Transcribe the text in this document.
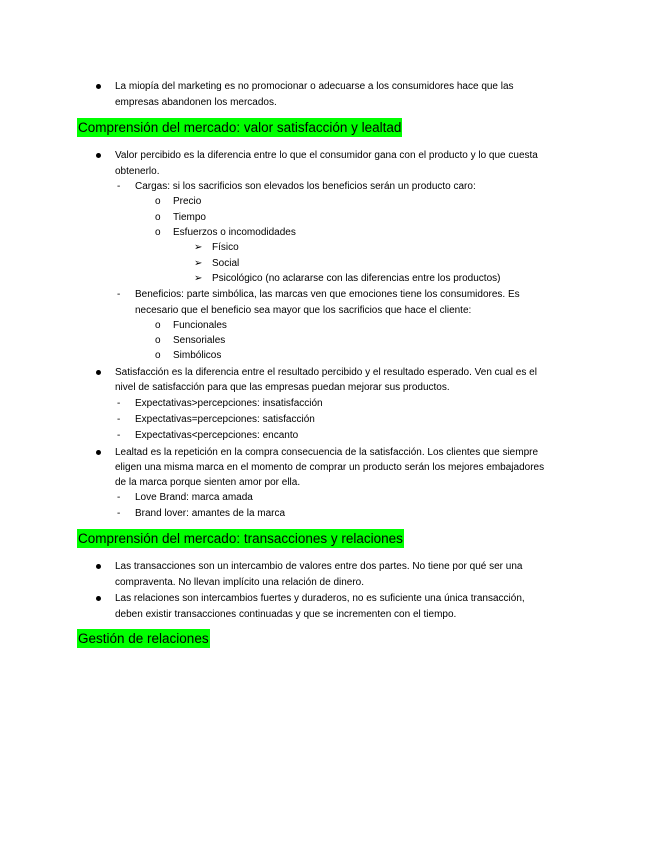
La miopía del marketing es no promocionar o adecuarse a los consumidores hace que las
empresas abandonen los mercados.
Comprensión del mercado: valor satisfacción y lealtad
Valor percibido es la diferencia entre lo que el consumidor gana con el producto y lo que cuesta
obtenerlo.
- Cargas: si los sacrificios son elevados los beneficios serán un producto caro:
o Precio
o Tiempo
o Esfuerzos o incomodidades
➢ Físico
➢ Social
➢ Psicológico (no aclararse con las diferencias entre los productos)
- Beneficios: parte simbólica, las marcas ven que emociones tiene los consumidores. Es
necesario que el beneficio sea mayor que los sacrificios que hace el cliente:
o Funcionales
o Sensoriales
o Simbólicos
Satisfacción es la diferencia entre el resultado percibido y el resultado esperado. Ven cual es el
nivel de satisfacción para que las empresas puedan mejorar sus productos.
- Expectativas>percepciones: insatisfacción
- Expectativas=percepciones: satisfacción
- Expectativas<percepciones: encanto
Lealtad es la repetición en la compra consecuencia de la satisfacción. Los clientes que siempre
eligen una misma marca en el momento de comprar un producto serán los mejores embajadores
de la marca porque sienten amor por ella.
- Love Brand: marca amada
- Brand lover: amantes de la marca
Comprensión del mercado: transacciones y relaciones
Las transacciones son un intercambio de valores entre dos partes. No tiene por qué ser una
compraventa. No llevan implícito una relación de dinero.
Las relaciones son intercambios fuertes y duraderos, no es suficiente una única transacción,
deben existir transacciones continuadas y que se incrementen con el tiempo.
Gestión de relaciones
